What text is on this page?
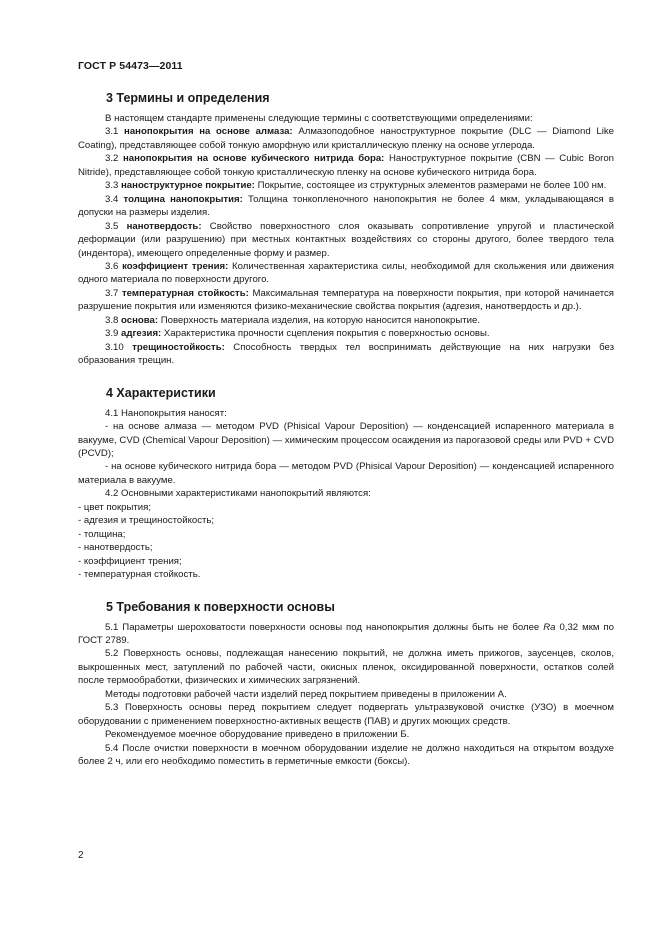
ГОСТ Р 54473—2011
3 Термины и определения

В настоящем стандарте применены следующие термины с соответствующими определениями:

3.1 нанопокрытия на основе алмаза: Алмазоподобное наноструктурное покрытие (DLC — Diamond Like Coating), представляющее собой тонкую аморфную или кристаллическую пленку на основе углерода.

3.2 нанопокрытия на основе кубического нитрида бора: Наноструктурное покрытие (CBN — Cubic Boron Nitride), представляющее собой тонкую кристаллическую пленку на основе кубического нитрида бора.

3.3 наноструктурное покрытие: Покрытие, состоящее из структурных элементов размерами не более 100 нм.

3.4 толщина нанопокрытия: Толщина тонкопленочного нанопокрытия не более 4 мкм, укладывающаяся в допуски на размеры изделия.

3.5 нанотвердость: Свойство поверхностного слоя оказывать сопротивление упругой и пластической деформации (или разрушению) при местных контактных воздействиях со стороны другого, более твердого тела (индентора), имеющего определенные форму и размер.

3.6 коэффициент трения: Количественная характеристика силы, необходимой для скольжения или движения одного материала по поверхности другого.

3.7 температурная стойкость: Максимальная температура на поверхности покрытия, при которой начинается разрушение покрытия или изменяются физико-механические свойства покрытия (адгезия, нанотвердость и др.).

3.8 основа: Поверхность материала изделия, на которую наносится нанопокрытие.

3.9 адгезия: Характеристика прочности сцепления покрытия с поверхностью основы.

3.10 трещиностойкость: Способность твердых тел воспринимать действующие на них нагрузки без образования трещин.

4 Характеристики

4.1 Нанопокрытия наносят:

- на основе алмаза — методом PVD (Phisical Vapour Deposition) — конденсацией испаренного материала в вакууме, CVD (Chemical Vapour Deposition) — химическим процессом осаждения из парогазовой среды или PVD + CVD (PCVD);

- на основе кубического нитрида бора — методом PVD (Phisical Vapour Deposition) — конденсацией испаренного материала в вакууме.

4.2 Основными характеристиками нанопокрытий являются:

- цвет покрытия;

- адгезия и трещиностойкость;

- толщина;

- нанотвердость;

- коэффициент трения;

- температурная стойкость.

5 Требования к поверхности основы

5.1 Параметры шероховатости поверхности основы под нанопокрытия должны быть не более Ra 0,32 мкм по ГОСТ 2789.

5.2 Поверхность основы, подлежащая нанесению покрытий, не должна иметь прижогов, заусенцев, сколов, выкрошенных мест, затуплений по рабочей части, окисных пленок, оксидированной поверхности, остатков солей после термообработки, физических и химических загрязнений.

Методы подготовки рабочей части изделий перед покрытием приведены в приложении А.

5.3 Поверхность основы перед покрытием следует подвергать ультразвуковой очистке (УЗО) в моечном оборудовании с применением поверхностно-активных веществ (ПАВ) и других моющих средств.

Рекомендуемое моечное оборудование приведено в приложении Б.

5.4 После очистки поверхности в моечном оборудовании изделие не должно находиться на открытом воздухе более 2 ч, или его необходимо поместить в герметичные емкости (боксы).

2
